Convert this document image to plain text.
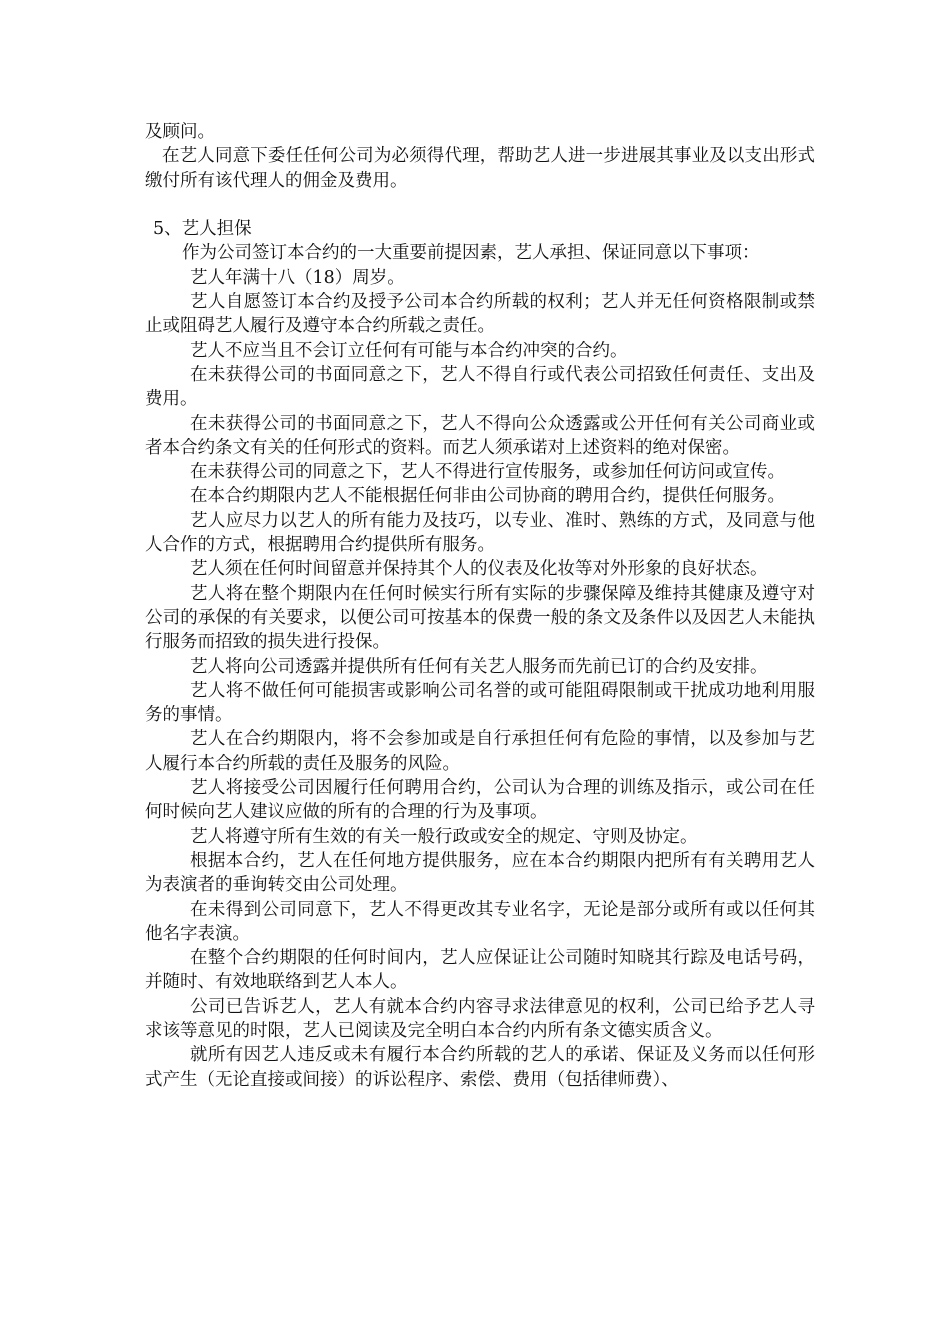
及顾问。

在艺人同意下委任任何公司为必须得代理，帮助艺人进一步进展其事业及以支出形式缴付所有该代理人的佣金及费用。

5、艺人担保

作为公司签订本合约的一大重要前提因素，艺人承担、保证同意以下事项：

艺人年满十八（18）周岁。

艺人自愿签订本合约及授予公司本合约所载的权利；艺人并无任何资格限制或禁止或阻碍艺人履行及遵守本合约所载之责任。

艺人不应当且不会订立任何有可能与本合约冲突的合约。

在未获得公司的书面同意之下，艺人不得自行或代表公司招致任何责任、支出及费用。

在未获得公司的书面同意之下，艺人不得向公众透露或公开任何有关公司商业或者本合约条文有关的任何形式的资料。而艺人须承诺对上述资料的绝对保密。

在未获得公司的同意之下，艺人不得进行宣传服务，或参加任何访问或宣传。

在本合约期限内艺人不能根据任何非由公司协商的聘用合约，提供任何服务。

艺人应尽力以艺人的所有能力及技巧，以专业、准时、熟练的方式，及同意与他人合作的方式，根据聘用合约提供所有服务。

艺人须在任何时间留意并保持其个人的仪表及化妆等对外形象的良好状态。

艺人将在整个期限内在任何时候实行所有实际的步骤保障及维持其健康及遵守对公司的承保的有关要求，以便公司可按基本的保费一般的条文及条件以及因艺人未能执行服务而招致的损失进行投保。

艺人将向公司透露并提供所有任何有关艺人服务而先前已订的合约及安排。

艺人将不做任何可能损害或影响公司名誉的或可能阻碍限制或干扰成功地利用服务的事情。

艺人在合约期限内，将不会参加或是自行承担任何有危险的事情，以及参加与艺人履行本合约所载的责任及服务的风险。

艺人将接受公司因履行任何聘用合约，公司认为合理的训练及指示，或公司在任何时候向艺人建议应做的所有的合理的行为及事项。

艺人将遵守所有生效的有关一般行政或安全的规定、守则及协定。

根据本合约，艺人在任何地方提供服务，应在本合约期限内把所有有关聘用艺人为表演者的垂询转交由公司处理。

在未得到公司同意下，艺人不得更改其专业名字，无论是部分或所有或以任何其他名字表演。

在整个合约期限的任何时间内，艺人应保证让公司随时知晓其行踪及电话号码，并随时、有效地联络到艺人本人。

公司已告诉艺人，艺人有就本合约内容寻求法律意见的权利，公司已给予艺人寻求该等意见的时限，艺人已阅读及完全明白本合约内所有条文德实质含义。

就所有因艺人违反或未有履行本合约所载的艺人的承诺、保证及义务而以任何形式产生（无论直接或间接）的诉讼程序、索偿、费用（包括律师费）、
